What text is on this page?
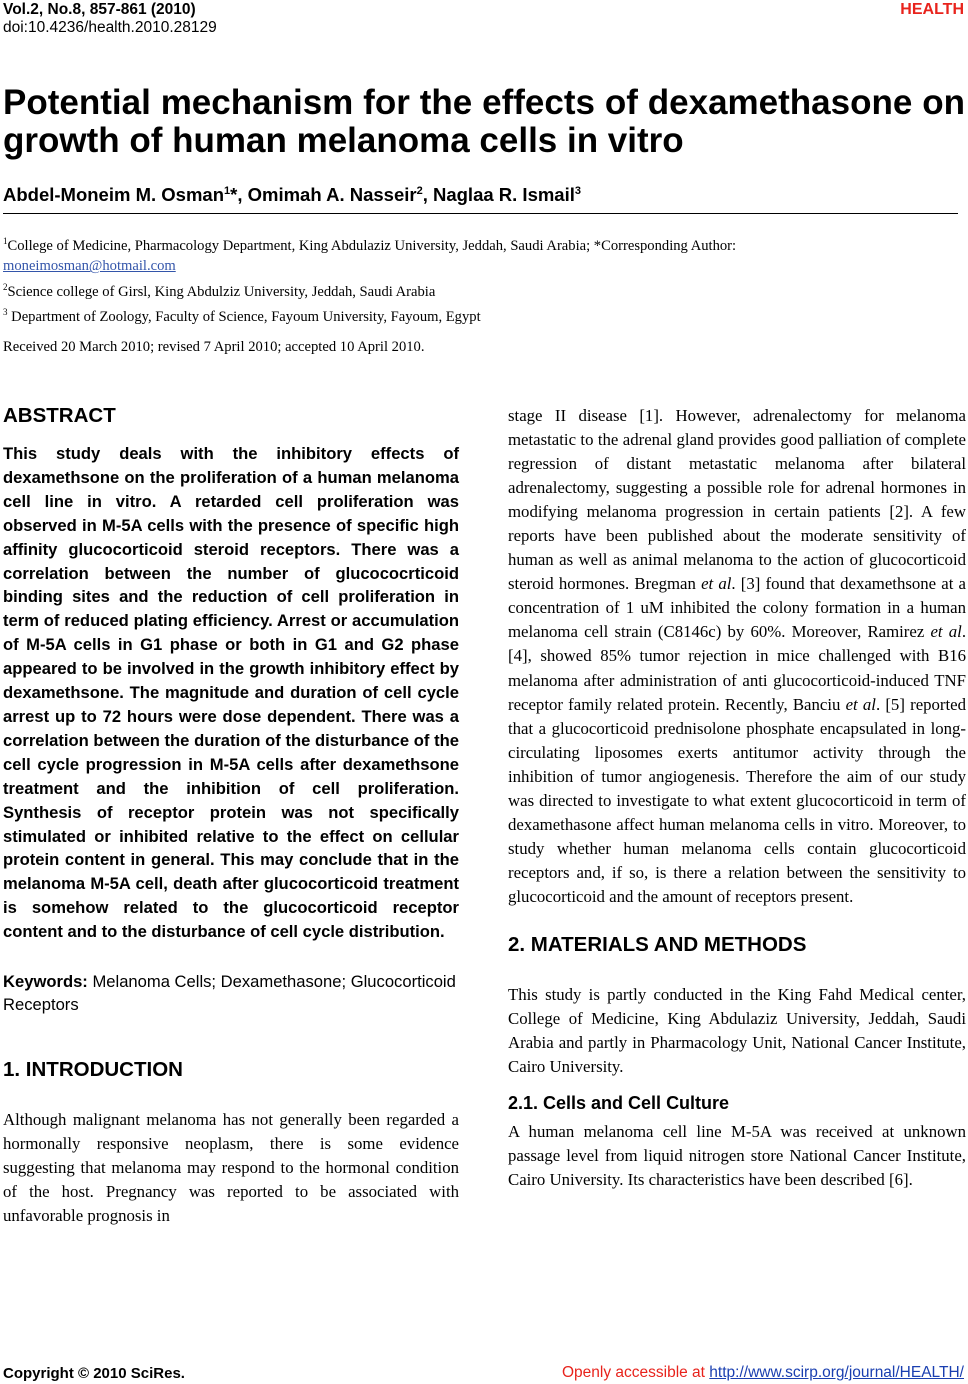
Vol.2, No.8, 857-861 (2010)
doi:10.4236/health.2010.28129
HEALTH
Potential mechanism for the effects of dexamethasone on growth of human melanoma cells in vitro
Abdel-Moneim M. Osman$^1$*, Omimah A. Nasseir$^2$, Naglaa R. Ismail$^3$
$^1$College of Medicine, Pharmacology Department, King Abdulaziz University, Jeddah, Saudi Arabia; *Corresponding Author:
moneimosman@hotmail.com
$^2$Science college of Girsl, King Abdulziz University, Jeddah, Saudi Arabia
$^3$ Department of Zoology, Faculty of Science, Fayoum University, Fayoum, Egypt
Received 20 March 2010; revised 7 April 2010; accepted 10 April 2010.
ABSTRACT

This study deals with the inhibitory effects of dexamethsone on the proliferation of a human melanoma cell line in vitro. A retarded cell proliferation was observed in M-5A cells with the presence of specific high affinity glucocorticoid steroid receptors. There was a correlation between the number of glucococrticoid binding sites and the reduction of cell proliferation in term of reduced plating efficiency. Arrest or accumulation of M-5A cells in G1 phase or both in G1 and G2 phase appeared to be involved in the growth inhibitory effect by dexamethsone. The magnitude and duration of cell cycle arrest up to 72 hours were dose dependent. There was a correlation between the duration of the disturbance of the cell cycle progression in M-5A cells after dexamethsone treatment and the inhibition of cell proliferation. Synthesis of receptor protein was not specifically stimulated or inhibited relative to the effect on cellular protein content in general. This may conclude that in the melanoma M-5A cell, death after glucocorticoid treatment is somehow related to the glucocorticoid receptor content and to the disturbance of cell cycle distribution.

Keywords: Melanoma Cells; Dexamethasone; Glucocorticoid Receptors

1. INTRODUCTION

Although malignant melanoma has not generally been regarded a hormonally responsive neoplasm, there is some evidence suggesting that melanoma may respond to the hormonal condition of the host. Pregnancy was reported to be associated with unfavorable prognosis in

stage II disease [1]. However, adrenalectomy for melanoma metastatic to the adrenal gland provides good palliation of complete regression of distant metastatic melanoma after bilateral adrenalectomy, suggesting a possible role for adrenal hormones in modifying melanoma progression in certain patients [2]. A few reports have been published about the moderate sensitivity of human as well as animal melanoma to the action of glucocorticoid steroid hormones. Bregman et al. [3] found that dexamethsone at a concentration of 1 uM inhibited the colony formation in a human melanoma cell strain (C8146c) by 60%. Moreover, Ramirez et al. [4], showed 85% tumor rejection in mice challenged with B16 melanoma after administration of anti glucocorticoid-induced TNF receptor family related protein. Recently, Banciu et al. [5] reported that a glucocorticoid prednisolone phosphate encapsulated in long-circulating liposomes exerts antitumor activity through the inhibition of tumor angiogenesis. Therefore the aim of our study was directed to investigate to what extent glucocorticoid in term of dexamethasone affect human melanoma cells in vitro. Moreover, to study whether human melanoma cells contain glucocorticoid receptors and, if so, is there a relation between the sensitivity to glucocorticoid and the amount of receptors present.

2. MATERIALS AND METHODS

This study is partly conducted in the King Fahd Medical center, College of Medicine, King Abdulaziz University, Jeddah, Saudi Arabia and partly in Pharmacology Unit, National Cancer Institute, Cairo University.

2.1. Cells and Cell Culture

A human melanoma cell line M-5A was received at unknown passage level from liquid nitrogen store National Cancer Institute, Cairo University. Its characteristics have been described [6].

Copyright © 2010 SciRes.	Openly accessible at http://www.scirp.org/journal/HEALTH/
